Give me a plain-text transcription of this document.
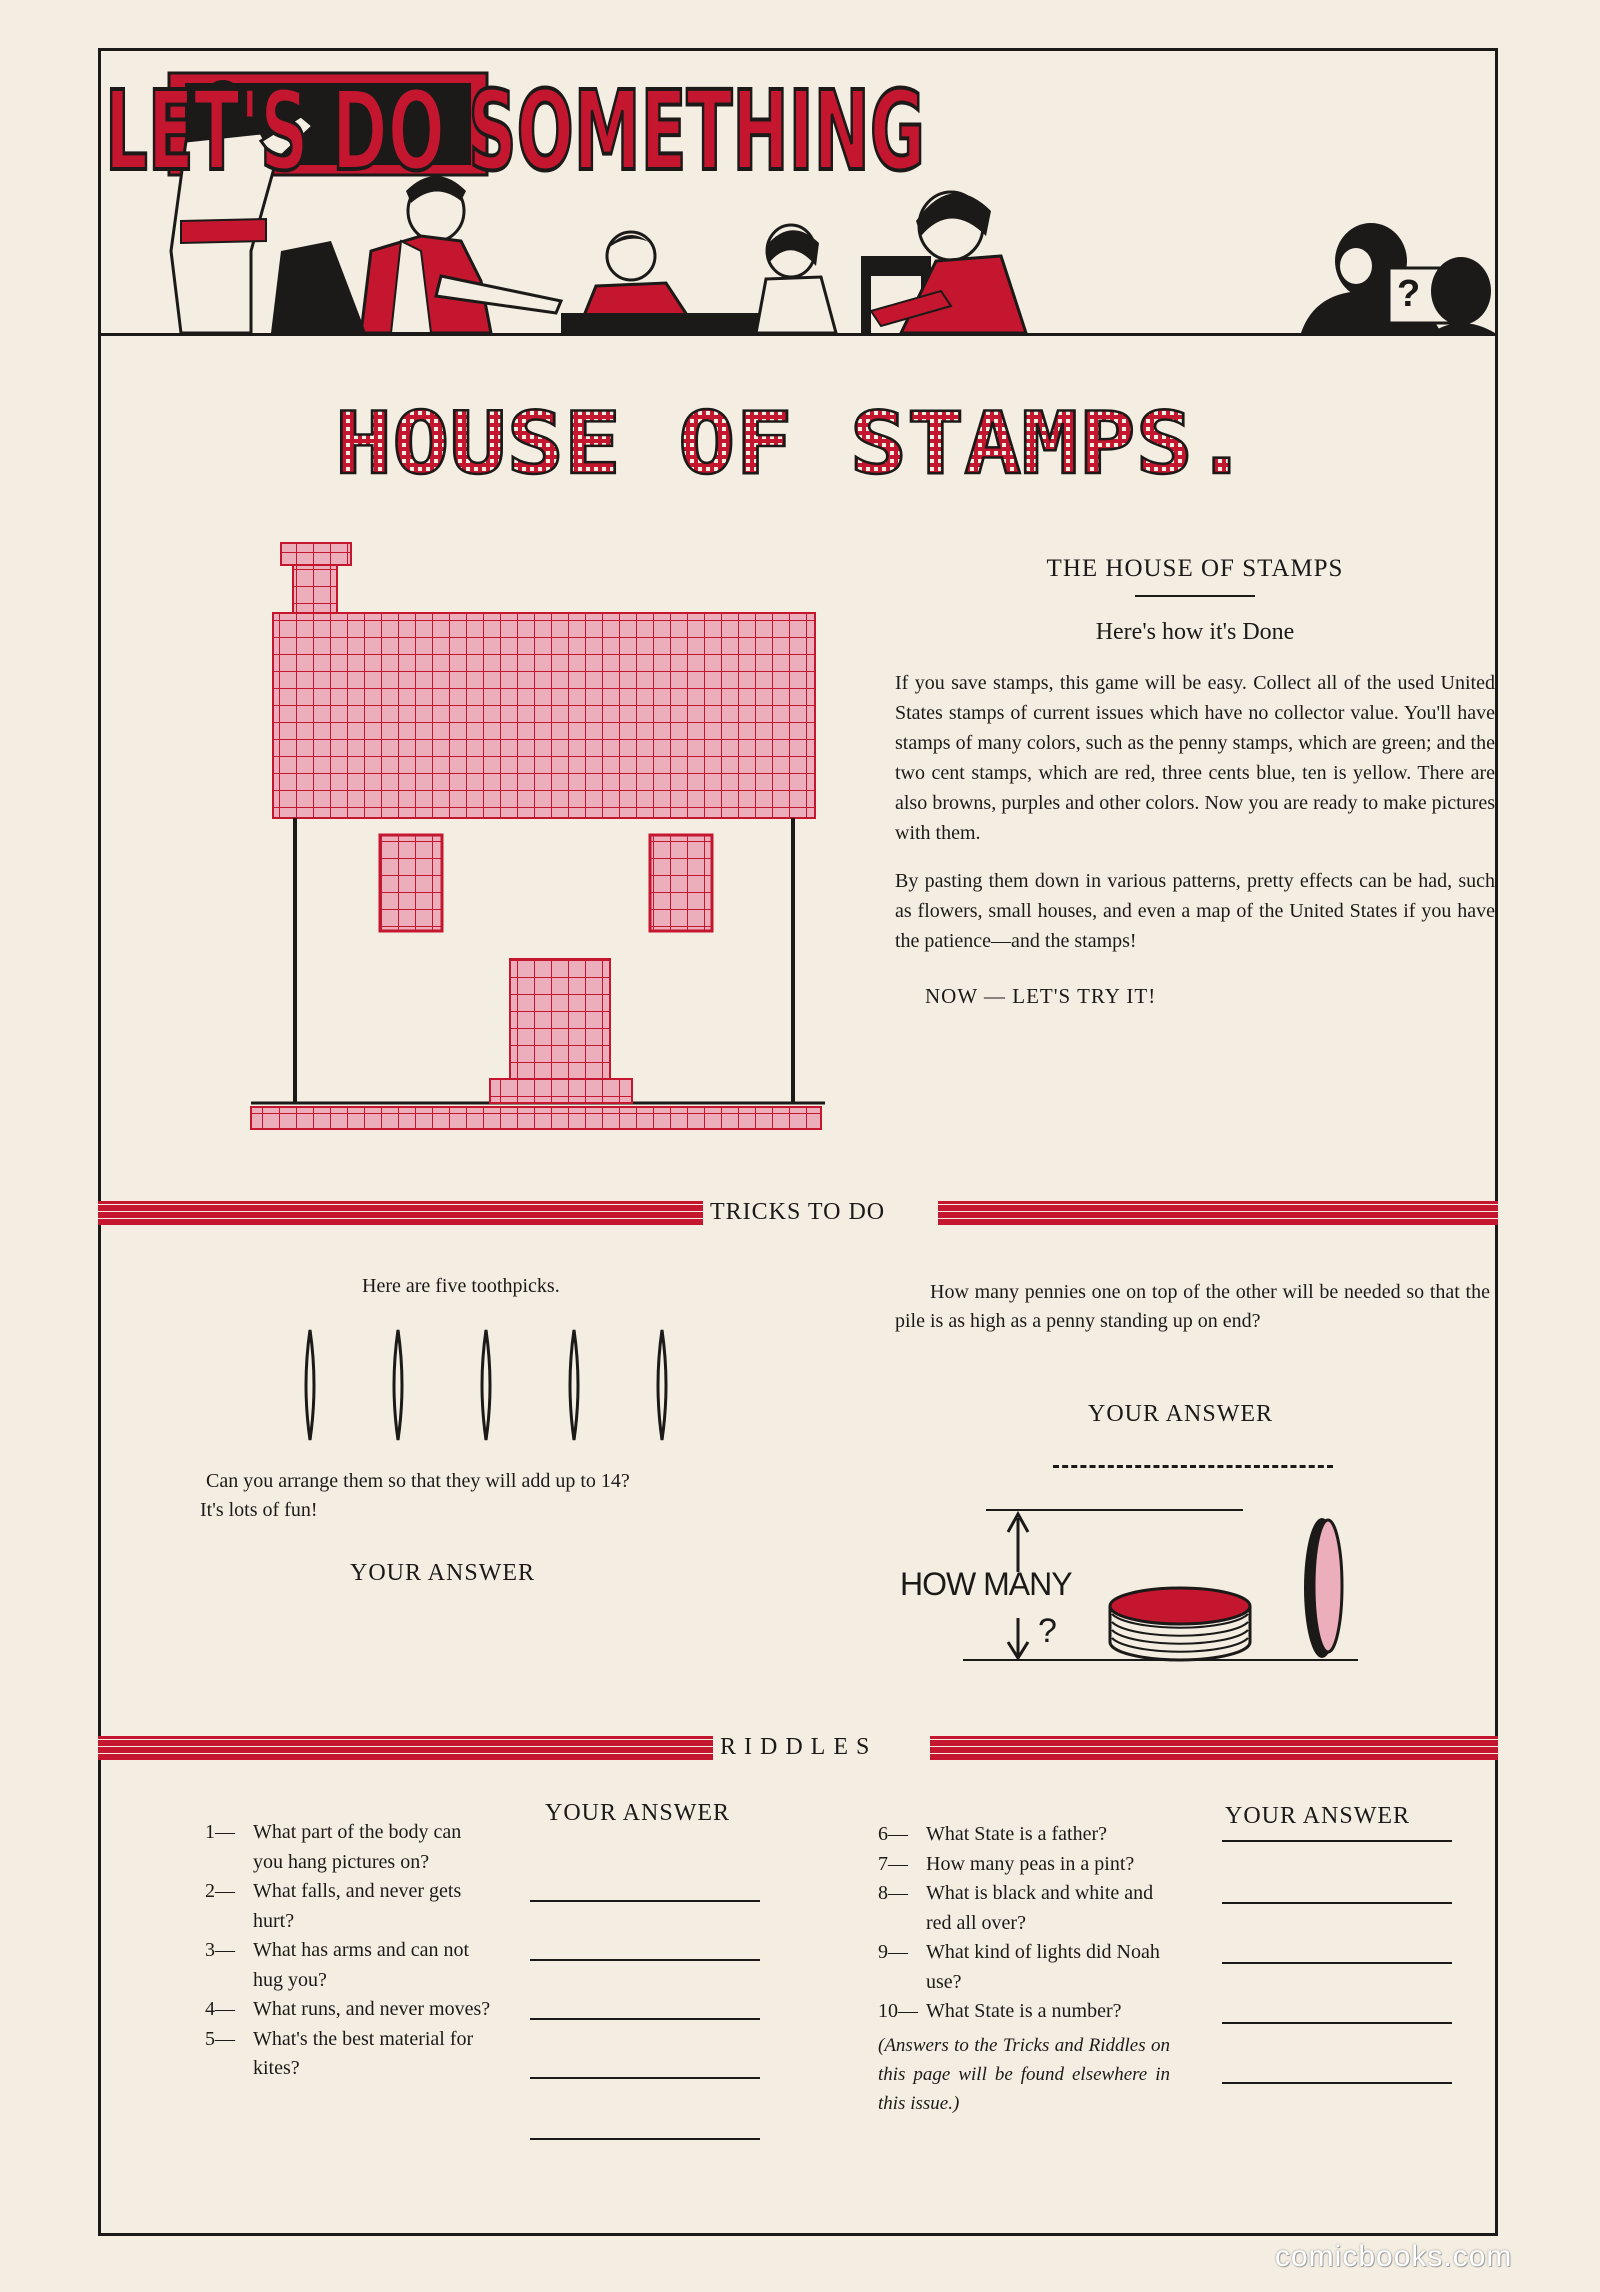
?
LET'S DO SOMETHING
HOUSE OF STAMPS.
THE HOUSE OF STAMPS
Here's how it's Done

If you save stamps, this game will be easy. Collect all of the used United States stamps of current issues which have no collector value. You'll have stamps of many colors, such as the penny stamps, which are green; and the two cent stamps, which are red, three cents blue, ten is yellow. There are also browns, purples and other colors. Now you are ready to make pictures with them.

By pasting them down in various patterns, pretty effects can be had, such as flowers, small houses, and even a map of the United States if you have the patience—and the stamps!

NOW — LET'S TRY IT!
TRICKS TO DO
Here are five toothpicks.
Can you arrange them so that they will add up to 14?
It's lots of fun!
YOUR ANSWER
How many pennies one on top of the other will be needed so that the pile is as high as a penny standing up on end?
YOUR ANSWER
HOW MANY
?
RIDDLES
1— What part of the body can you hang pictures on?
2— What falls, and never gets hurt?
3— What has arms and can not hug you?
4— What runs, and never moves?
5— What's the best material for kites?
YOUR ANSWER
6— What State is a father?
7— How many peas in a pint?
8— What is black and white and red all over?
9— What kind of lights did Noah use?
10— What State is a number?
(Answers to the Tricks and Riddles on this page will be found elsewhere in this issue.)
YOUR ANSWER
comicbooks.com
